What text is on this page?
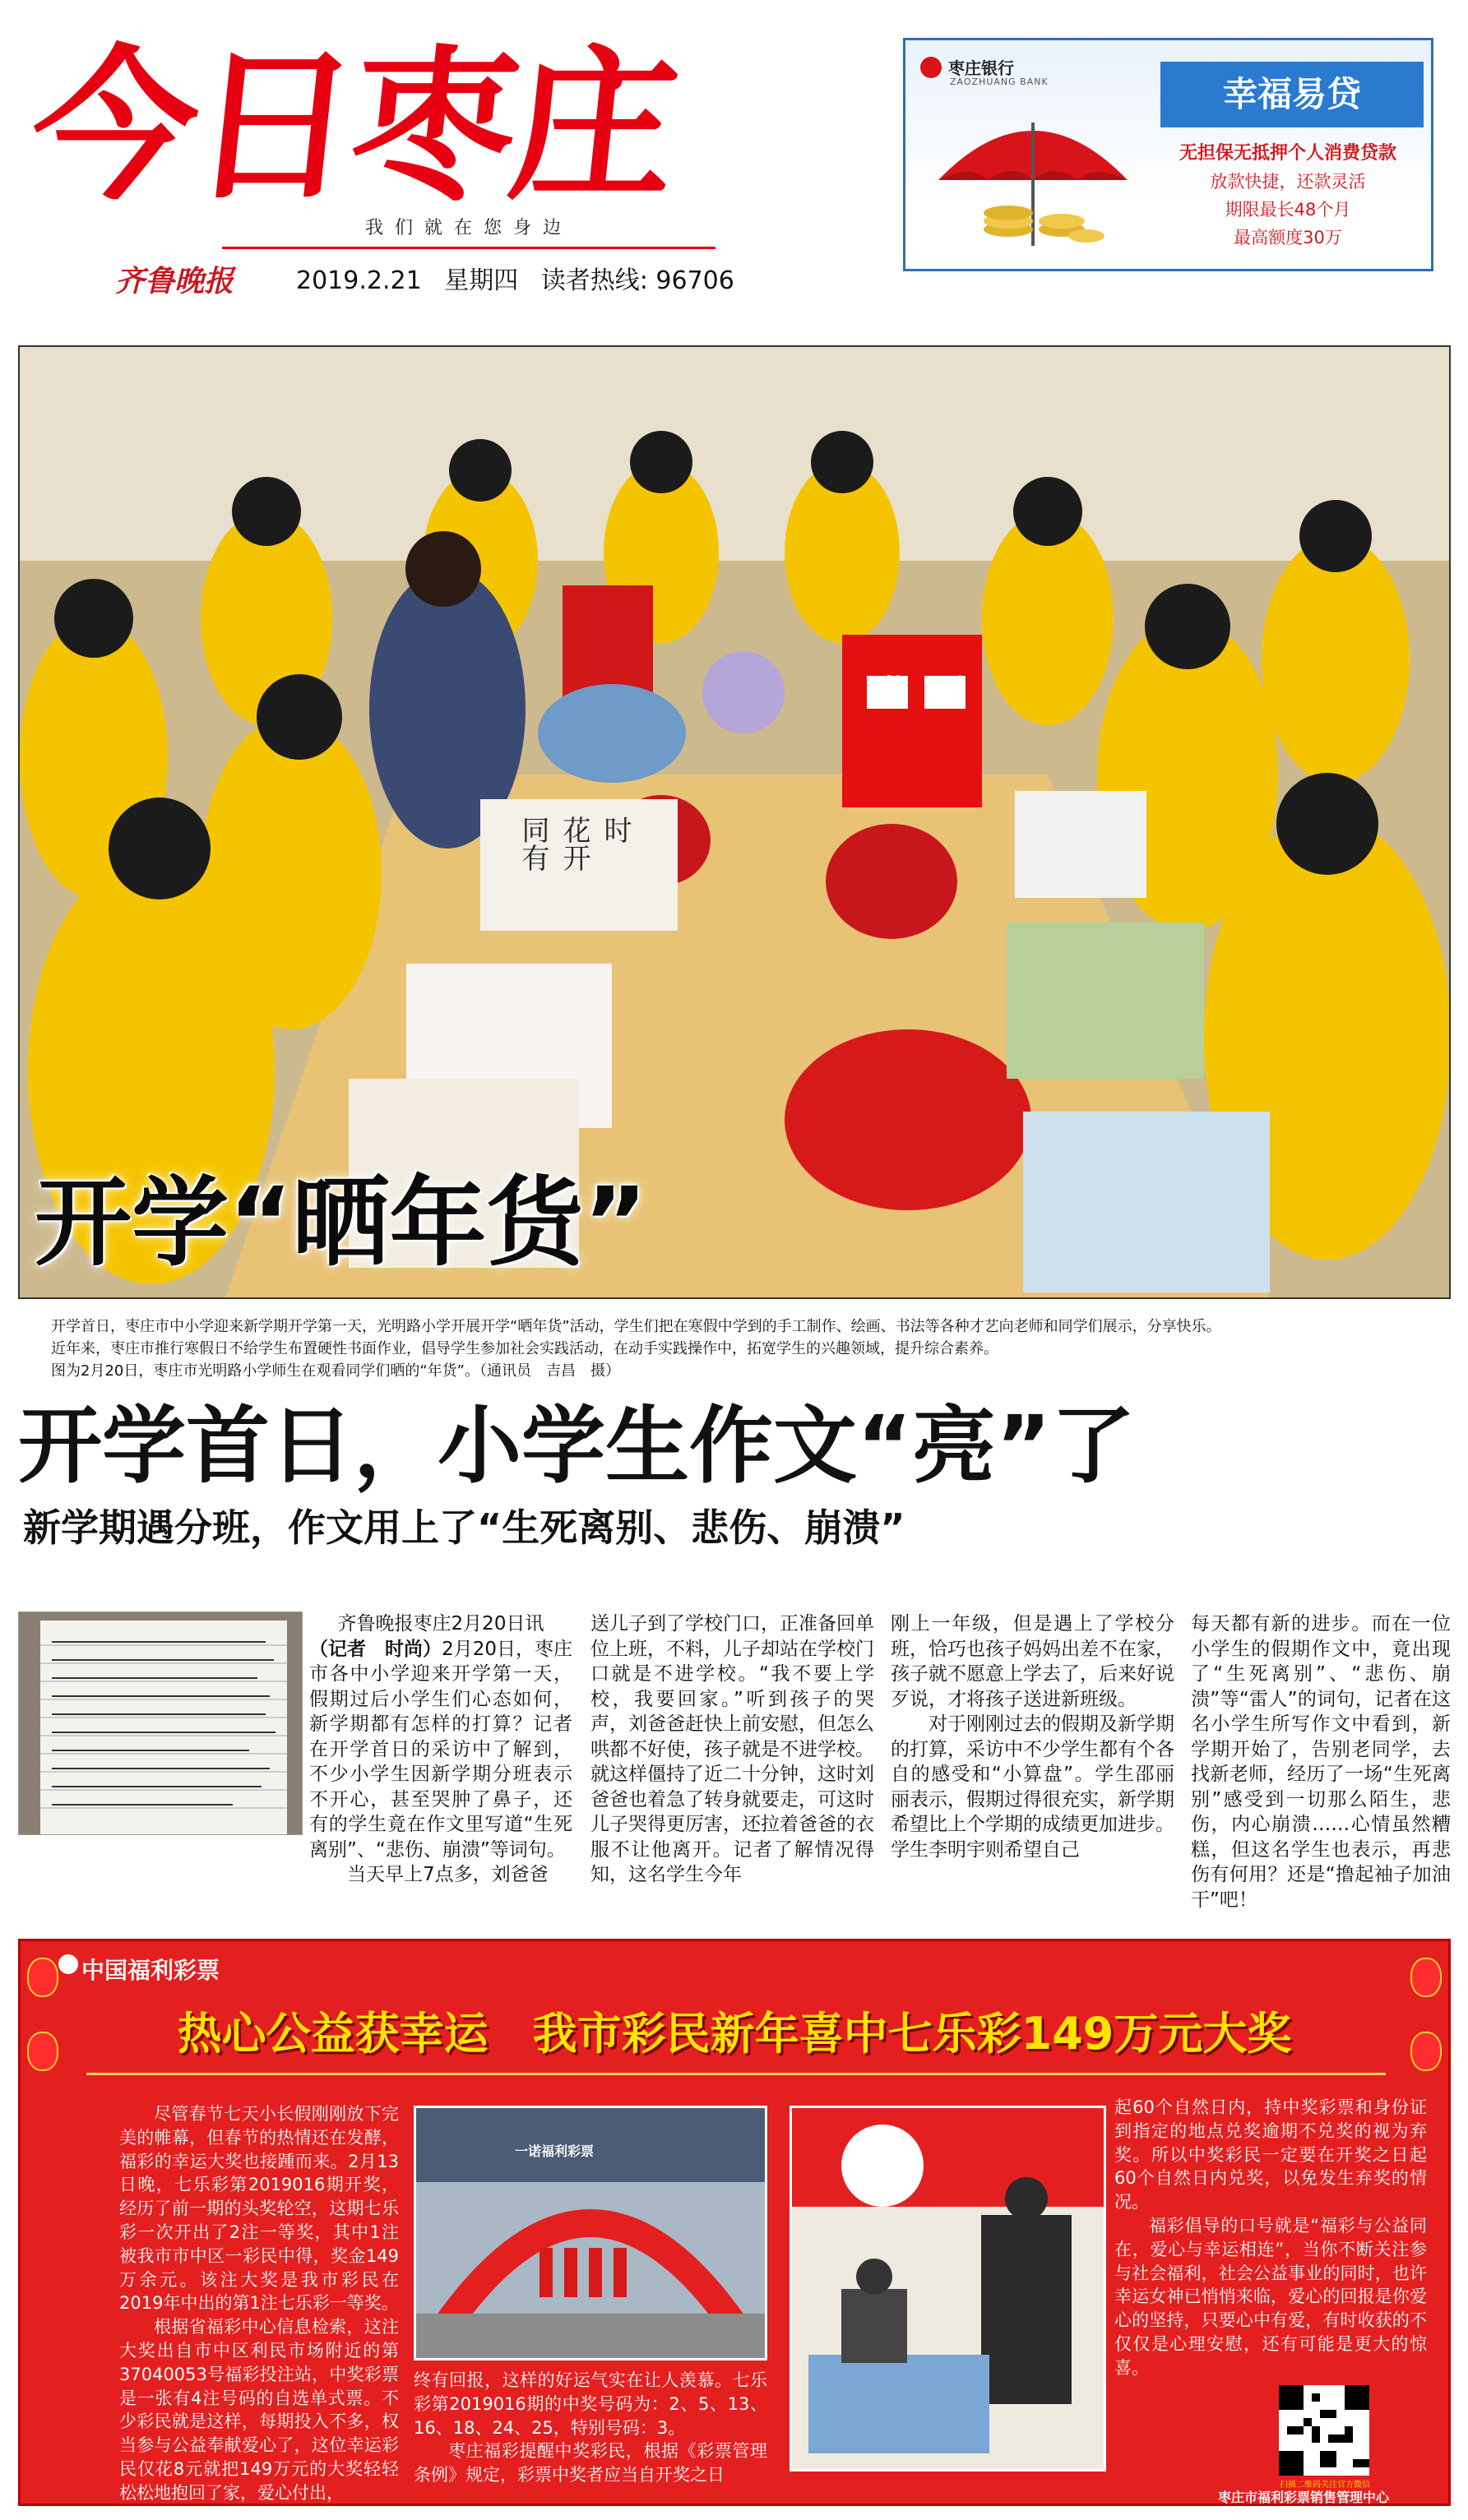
今日枣庄
我们就在您身边
齐鲁晚报	2019.2.21 星期四 读者热线: 96706
枣庄银行
ZAOZHUANG BANK	幸福易贷
无担保无抵押个人消费贷款
放款快捷，还款灵活
期限最长48个月
最高额度30万
快 乐
同有 花开 时
开学“晒年货”

开学首日，枣庄市中小学迎来新学期开学第一天，光明路小学开展开学“晒年货”活动，学生们把在寒假中学到的手工制作、绘画、书法等各种才艺向老师和同学们展示，分享快乐。

近年来，枣庄市推行寒假日不给学生布置硬性书面作业，倡导学生参加社会实践活动，在动手实践操作中，拓宽学生的兴趣领域，提升综合素养。

图为2月20日，枣庄市光明路小学师生在观看同学们晒的“年货”。（通讯员　吉昌　摄）

开学首日，小学生作文“亮”了
新学期遇分班，作文用上了“生死离别、悲伤、崩溃”

齐鲁晚报枣庄2月20日讯

（记者　时尚）

2月20日，枣庄市各中小学迎来开学第一天，假期过后小学生们心态如何，新学期都有怎样的打算？记者在开学首日的采访中了解到，不少小学生因新学期分班表示不开心，甚至哭肿了鼻子，还有的学生竟在作文里写道“生死离别”、“悲伤、崩溃”等词句。

当天早上7点多，刘爸爸

送儿子到了学校门口，正准备回单位上班，不料，儿子却站在学校门口就是不进学校。“我不要上学校，我要回家。”听到孩子的哭声，刘爸爸赶快上前安慰，但怎么哄都不好使，孩子就是不进学校。就这样僵持了近二十分钟，这时刘爸爸也着急了转身就要走，可这时儿子哭得更厉害，还拉着爸爸的衣服不让他离开。记者了解情况得知，这名学生今年

刚上一年级，但是遇上了学校分班，恰巧也孩子妈妈出差不在家，孩子就不愿意上学去了，后来好说歹说，才将孩子送进新班级。

对于刚刚过去的假期及新学期的打算，采访中不少学生都有个各自的感受和“小算盘”。学生邵丽丽表示，假期过得很充实，新学期希望比上个学期的成绩更加进步。学生李明宇则希望自己

每天都有新的进步。而在一位小学生的假期作文中，竟出现了“生死离别”、“悲伤、崩溃”等“雷人”的词句，记者在这名小学生所写作文中看到，新学期开始了，告别老同学，去找新老师，经历了一场“生死离别”感受到一切那么陌生，悲伤，内心崩溃……心情虽然糟糕，但这名学生也表示，再悲伤有何用？还是“撸起袖子加油干”吧！

中国福利彩票
热心公益获幸运　我市彩民新年喜中七乐彩149万元大奖

尽管春节七天小长假刚刚放下完美的帷幕，但春节的热情还在发酵，福彩的幸运大奖也接踵而来。2月13日晚，七乐彩第2019016期开奖，经历了前一期的头奖轮空，这期七乐彩一次开出了2注一等奖，其中1注被我市市中区一彩民中得，奖金149万余元。该注大奖是我市彩民在2019年中出的第1注七乐彩一等奖。

根据省福彩中心信息检索，这注大奖出自市中区利民市场附近的第37040053号福彩投注站，中奖彩票是一张有4注号码的自选单式票。不少彩民就是这样，每期投入不多，权当参与公益奉献爱心了，这位幸运彩民仅花8元就把149万元的大奖轻轻松松地抱回了家，爱心付出，

一诺福利彩票

终有回报，这样的好运气实在让人羡慕。七乐彩第2019016期的中奖号码为：2、5、13、16、18、24、25，特别号码：3。

枣庄福彩提醒中奖彩民，根据《彩票管理条例》规定，彩票中奖者应当自开奖之日

起60个自然日内，持中奖彩票和身份证到指定的地点兑奖逾期不兑奖的视为弃奖。所以中奖彩民一定要在开奖之日起60个自然日内兑奖，以免发生弃奖的情况。

福彩倡导的口号就是“福彩与公益同在，爱心与幸运相连”，当你不断关注参与社会福利，社会公益事业的同时，也许幸运女神已悄悄来临，爱心的回报是你爱心的坚持，只要心中有爱，有时收获的不仅仅是心理安慰，还有可能是更大的惊喜。

扫描二维码关注官方微信
枣庄市福利彩票销售管理中心
